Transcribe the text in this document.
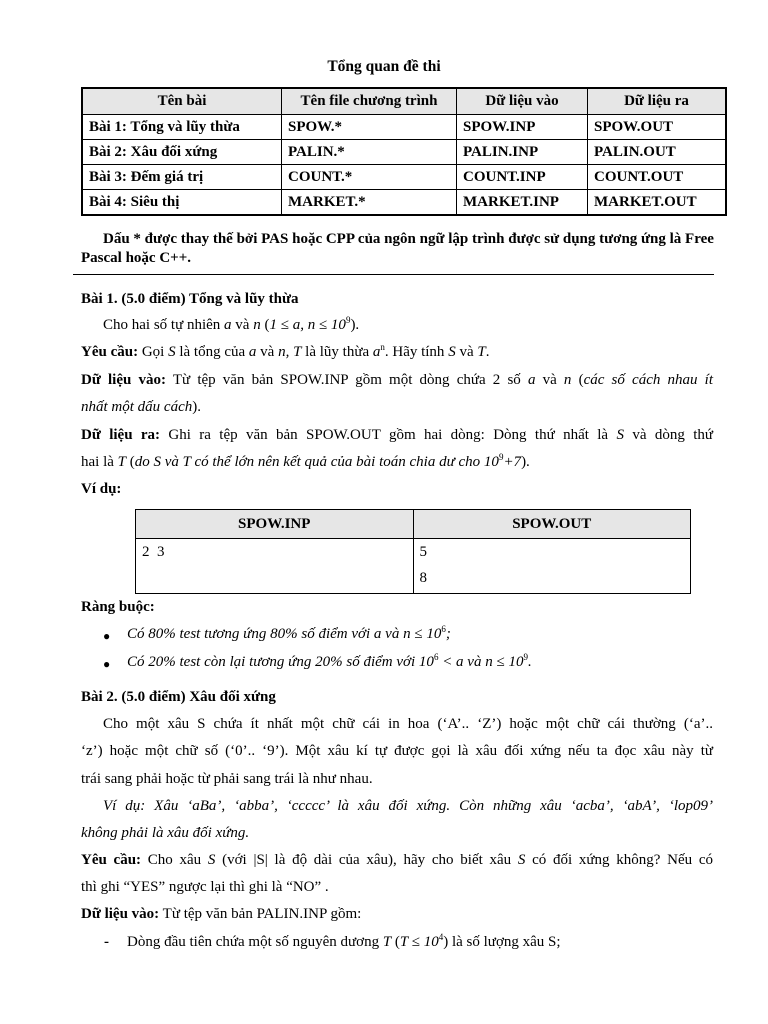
Tổng quan đề thi
Tên bài	Tên file chương trình	Dữ liệu vào	Dữ liệu ra
Bài 1: Tổng và lũy thừa	SPOW.*	SPOW.INP	SPOW.OUT
Bài 2: Xâu đối xứng	PALIN.*	PALIN.INP	PALIN.OUT
Bài 3: Đếm giá trị	COUNT.*	COUNT.INP	COUNT.OUT
Bài 4: Siêu thị	MARKET.*	MARKET.INP	MARKET.OUT
Dấu * được thay thế bởi PAS hoặc CPP của ngôn ngữ lập trình được sử dụng tương ứng là Free Pascal hoặc C++.
Bài 1. (5.0 điểm) Tổng và lũy thừa
Cho hai số tự nhiên a và n (1 ≤ a, $n \le 10^9$).
Yêu cầu: Gọi S là tổng của a và n, T là lũy thừa $a^n$. Hãy tính S và T.
Dữ liệu vào: Từ tệp văn bản SPOW.INP gồm một dòng chứa 2 số a và n (các số cách nhau ít
nhất một dấu cách).
Dữ liệu ra: Ghi ra tệp văn bản SPOW.OUT gồm hai dòng: Dòng thứ nhất là S và dòng thứ
hai là T (do S và T có thể lớn nên kết quả của bài toán chia dư cho $10^9+7$).
Ví dụ:
SPOW.INP	SPOW.OUT
2  3	5
8
Ràng buộc:
● Có 80% test tương ứng 80% số điểm với a và $n \le 10^6$;
● Có 20% test còn lại tương ứng 20% số điểm với $10^6 < a$ và $n \le 10^9$.
Bài 2. (5.0 điểm) Xâu đối xứng
Cho một xâu S chứa ít nhất một chữ cái in hoa (‘A’.. ‘Z’) hoặc một chữ cái thường (‘a’..
‘z’) hoặc một chữ số (‘0’.. ‘9’). Một xâu kí tự được gọi là xâu đối xứng nếu ta đọc xâu này từ
trái sang phải hoặc từ phải sang trái là như nhau.
Ví dụ: Xâu ‘aBa’, ‘abba’, ‘ccccc’ là xâu đối xứng. Còn những xâu ‘acba’, ‘abA’, ‘lop09’
không phải là xâu đối xứng.
Yêu cầu: Cho xâu S (với |S| là độ dài của xâu), hãy cho biết xâu S có đối xứng không? Nếu có
thì ghi “YES” ngược lại thì ghi là “NO” .
Dữ liệu vào: Từ tệp văn bản PALIN.INP gồm:
- Dòng đầu tiên chứa một số nguyên dương T $(T \le 10^4)$ là số lượng xâu S;
